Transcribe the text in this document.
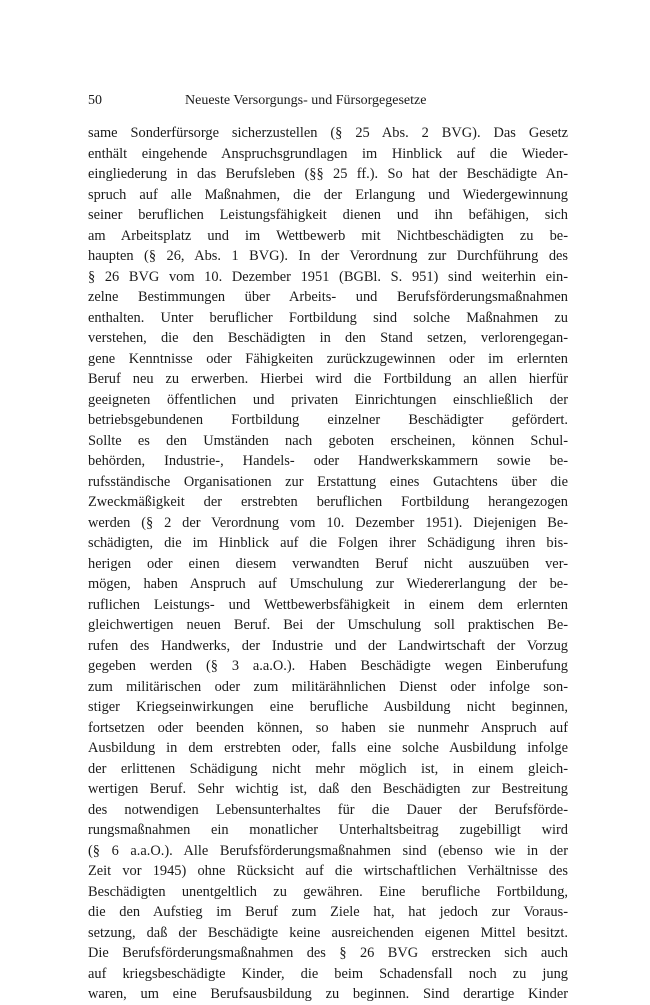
50	Neueste Versorgungs- und Fürsorgegesetze
same Sonderfürsorge sicherzustellen (§ 25 Abs. 2 BVG). Das Gesetz
enthält eingehende Anspruchsgrundlagen im Hinblick auf die Wieder-
eingliederung in das Berufsleben (§§ 25 ff.). So hat der Beschädigte An-
spruch auf alle Maßnahmen, die der Erlangung und Wiedergewinnung
seiner beruflichen Leistungsfähigkeit dienen und ihn befähigen, sich
am Arbeitsplatz und im Wettbewerb mit Nichtbeschädigten zu be-
haupten (§ 26, Abs. 1 BVG). In der Verordnung zur Durchführung des
§ 26 BVG vom 10. Dezember 1951 (BGBl. S. 951) sind weiterhin ein-
zelne Bestimmungen über Arbeits- und Berufsförderungsmaßnahmen
enthalten. Unter beruflicher Fortbildung sind solche Maßnahmen zu
verstehen, die den Beschädigten in den Stand setzen, verlorengegan-
gene Kenntnisse oder Fähigkeiten zurückzugewinnen oder im erlernten
Beruf neu zu erwerben. Hierbei wird die Fortbildung an allen hierfür
geeigneten öffentlichen und privaten Einrichtungen einschließlich der
betriebsgebundenen Fortbildung einzelner Beschädigter gefördert.
Sollte es den Umständen nach geboten erscheinen, können Schul-
behörden, Industrie-, Handels- oder Handwerkskammern sowie be-
rufsständische Organisationen zur Erstattung eines Gutachtens über die
Zweckmäßigkeit der erstrebten beruflichen Fortbildung herangezogen
werden (§ 2 der Verordnung vom 10. Dezember 1951). Diejenigen Be-
schädigten, die im Hinblick auf die Folgen ihrer Schädigung ihren bis-
herigen oder einen diesem verwandten Beruf nicht auszuüben ver-
mögen, haben Anspruch auf Umschulung zur Wiedererlangung der be-
ruflichen Leistungs- und Wettbewerbsfähigkeit in einem dem erlernten
gleichwertigen neuen Beruf. Bei der Umschulung soll praktischen Be-
rufen des Handwerks, der Industrie und der Landwirtschaft der Vorzug
gegeben werden (§ 3 a.a.O.). Haben Beschädigte wegen Einberufung
zum militärischen oder zum militärähnlichen Dienst oder infolge son-
stiger Kriegseinwirkungen eine berufliche Ausbildung nicht beginnen,
fortsetzen oder beenden können, so haben sie nunmehr Anspruch auf
Ausbildung in dem erstrebten oder, falls eine solche Ausbildung infolge
der erlittenen Schädigung nicht mehr möglich ist, in einem gleich-
wertigen Beruf. Sehr wichtig ist, daß den Beschädigten zur Bestreitung
des notwendigen Lebensunterhaltes für die Dauer der Berufsförde-
rungsmaßnahmen ein monatlicher Unterhaltsbeitrag zugebilligt wird
(§ 6 a.a.O.). Alle Berufsförderungsmaßnahmen sind (ebenso wie in der
Zeit vor 1945) ohne Rücksicht auf die wirtschaftlichen Verhältnisse des
Beschädigten unentgeltlich zu gewähren. Eine berufliche Fortbildung,
die den Aufstieg im Beruf zum Ziele hat, hat jedoch zur Voraus-
setzung, daß der Beschädigte keine ausreichenden eigenen Mittel besitzt.
Die Berufsförderungsmaßnahmen des § 26 BVG erstrecken sich auch
auf kriegsbeschädigte Kinder, die beim Schadensfall noch zu jung
waren, um eine Berufsausbildung zu beginnen. Sind derartige Kinder
